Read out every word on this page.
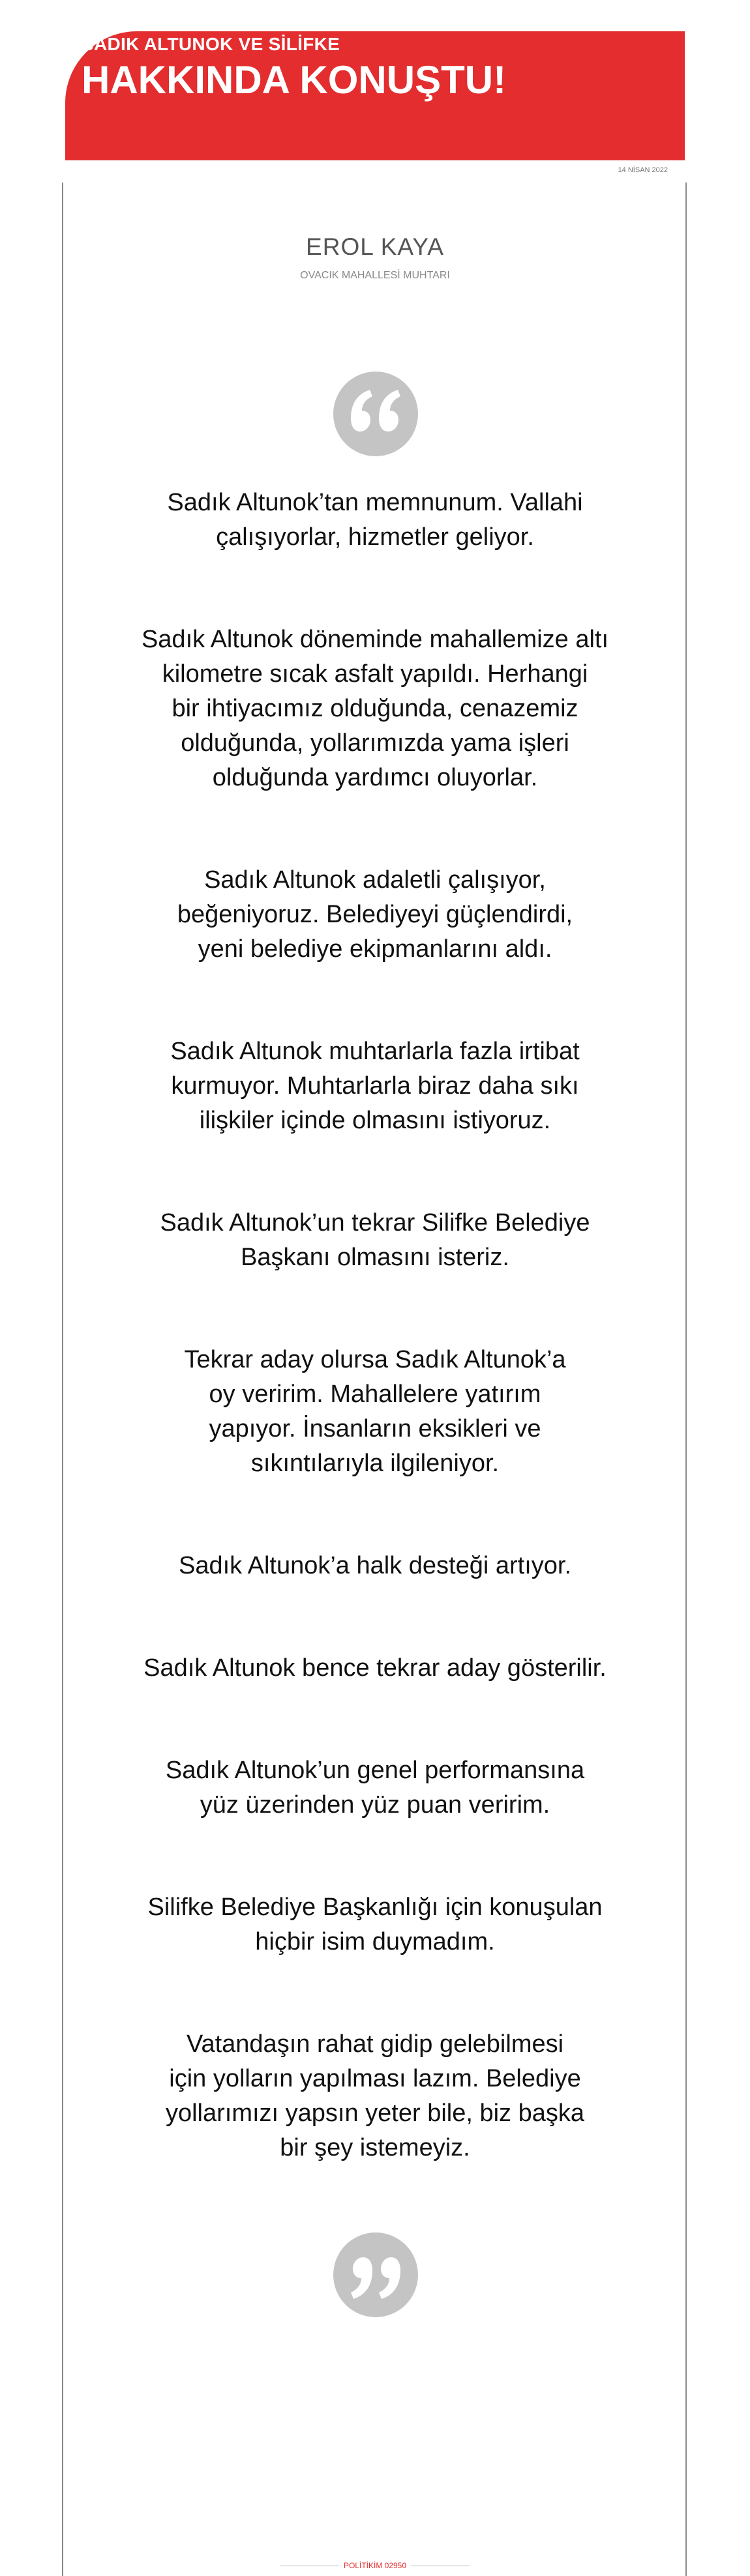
SADIK ALTUNOK VE SİLİFKE
HAKKINDA KONUŞTU!
14 NİSAN 2022
EROL KAYA
OVACIK MAHALLESİ MUHTARI

Sadık Altunok’tan memnunum. Vallahi
çalışıyorlar, hizmetler geliyor.

Sadık Altunok döneminde mahallemize altı
kilometre sıcak asfalt yapıldı. Herhangi
bir ihtiyacımız olduğunda, cenazemiz
olduğunda, yollarımızda yama işleri
olduğunda yardımcı oluyorlar.

Sadık Altunok adaletli çalışıyor,
beğeniyoruz. Belediyeyi güçlendirdi,
yeni belediye ekipmanlarını aldı.

Sadık Altunok muhtarlarla fazla irtibat
kurmuyor. Muhtarlarla biraz daha sıkı
ilişkiler içinde olmasını istiyoruz.

Sadık Altunok’un tekrar Silifke Belediye
Başkanı olmasını isteriz.

Tekrar aday olursa Sadık Altunok’a
oy veririm. Mahallelere yatırım
yapıyor. İnsanların eksikleri ve
sıkıntılarıyla ilgileniyor.

Sadık Altunok’a halk desteği artıyor.

Sadık Altunok bence tekrar aday gösterilir.

Sadık Altunok’un genel performansına
yüz üzerinden yüz puan veririm.

Silifke Belediye Başkanlığı için konuşulan
hiçbir isim duymadım.

Vatandaşın rahat gidip gelebilmesi
için yolların yapılması lazım. Belediye
yollarımızı yapsın yeter bile, biz başka
bir şey istemeyiz.

POLİTİKİM 02950
